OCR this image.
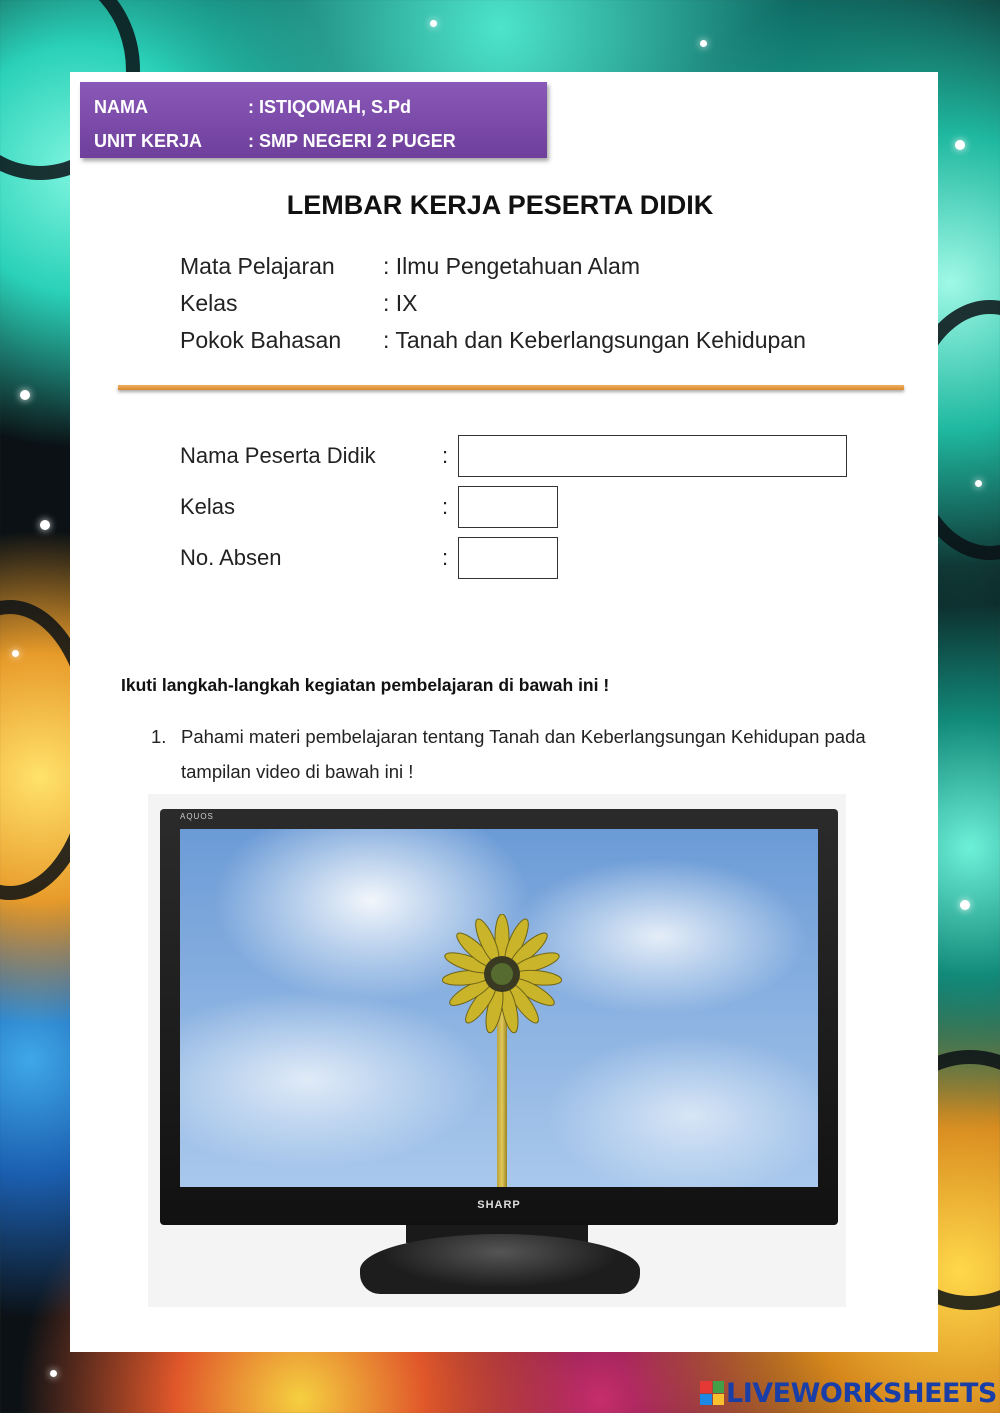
NAMA	: ISTIQOMAH, S.Pd
UNIT KERJA	: SMP NEGERI 2 PUGER
LEMBAR KERJA PESERTA DIDIK
Mata Pelajaran	: Ilmu Pengetahuan Alam
Kelas	: IX
Pokok Bahasan	: Tanah dan Keberlangsungan Kehidupan
Nama Peserta Didik	:
Kelas	:
No. Absen	:
Ikuti langkah-langkah kegiatan pembelajaran di bawah ini !
1. Pahami materi pembelajaran tentang Tanah dan Keberlangsungan Kehidupan pada tampilan video di bawah ini !
AQUOS
SHARP
LIVEWORKSHEETS
